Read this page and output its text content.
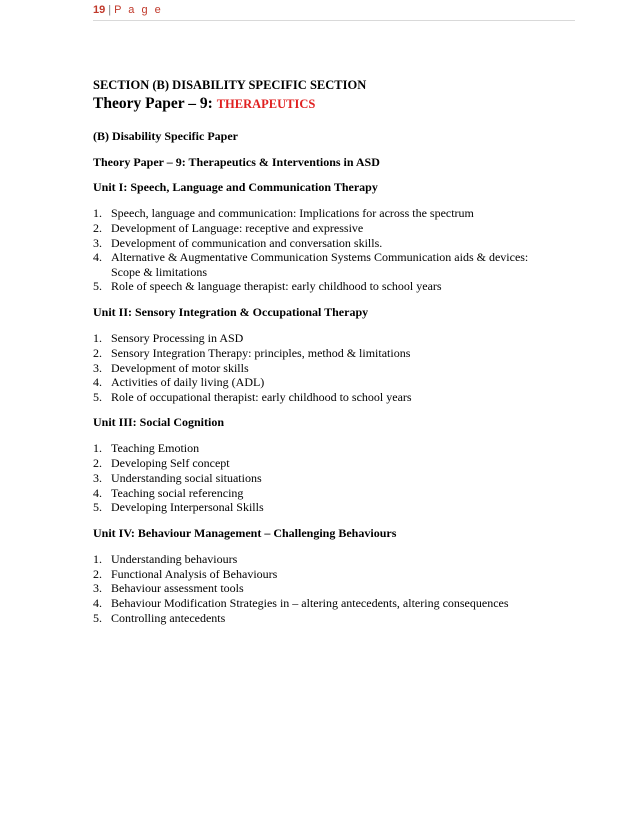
19 | P a g e

SECTION (B) DISABILITY SPECIFIC SECTION

Theory Paper – 9: THERAPEUTICS

(B) Disability Specific Paper

Theory Paper – 9: Therapeutics & Interventions in ASD

Unit I: Speech, Language and Communication Therapy

1. Speech, language and communication: Implications for across the spectrum
2. Development of Language: receptive and expressive
3. Development of communication and conversation skills.
4. Alternative & Augmentative Communication Systems Communication aids & devices:
Scope & limitations
5. Role of speech & language therapist: early childhood to school years

Unit II: Sensory Integration & Occupational Therapy

1. Sensory Processing in ASD
2. Sensory Integration Therapy: principles, method & limitations
3. Development of motor skills
4. Activities of daily living (ADL)
5. Role of occupational therapist: early childhood to school years

Unit III: Social Cognition

1. Teaching Emotion
2. Developing Self concept
3. Understanding social situations
4. Teaching social referencing
5. Developing Interpersonal Skills

Unit IV: Behaviour Management – Challenging Behaviours

1. Understanding behaviours
2. Functional Analysis of Behaviours
3. Behaviour assessment tools
4. Behaviour Modification Strategies in – altering antecedents, altering consequences
5. Controlling antecedents
